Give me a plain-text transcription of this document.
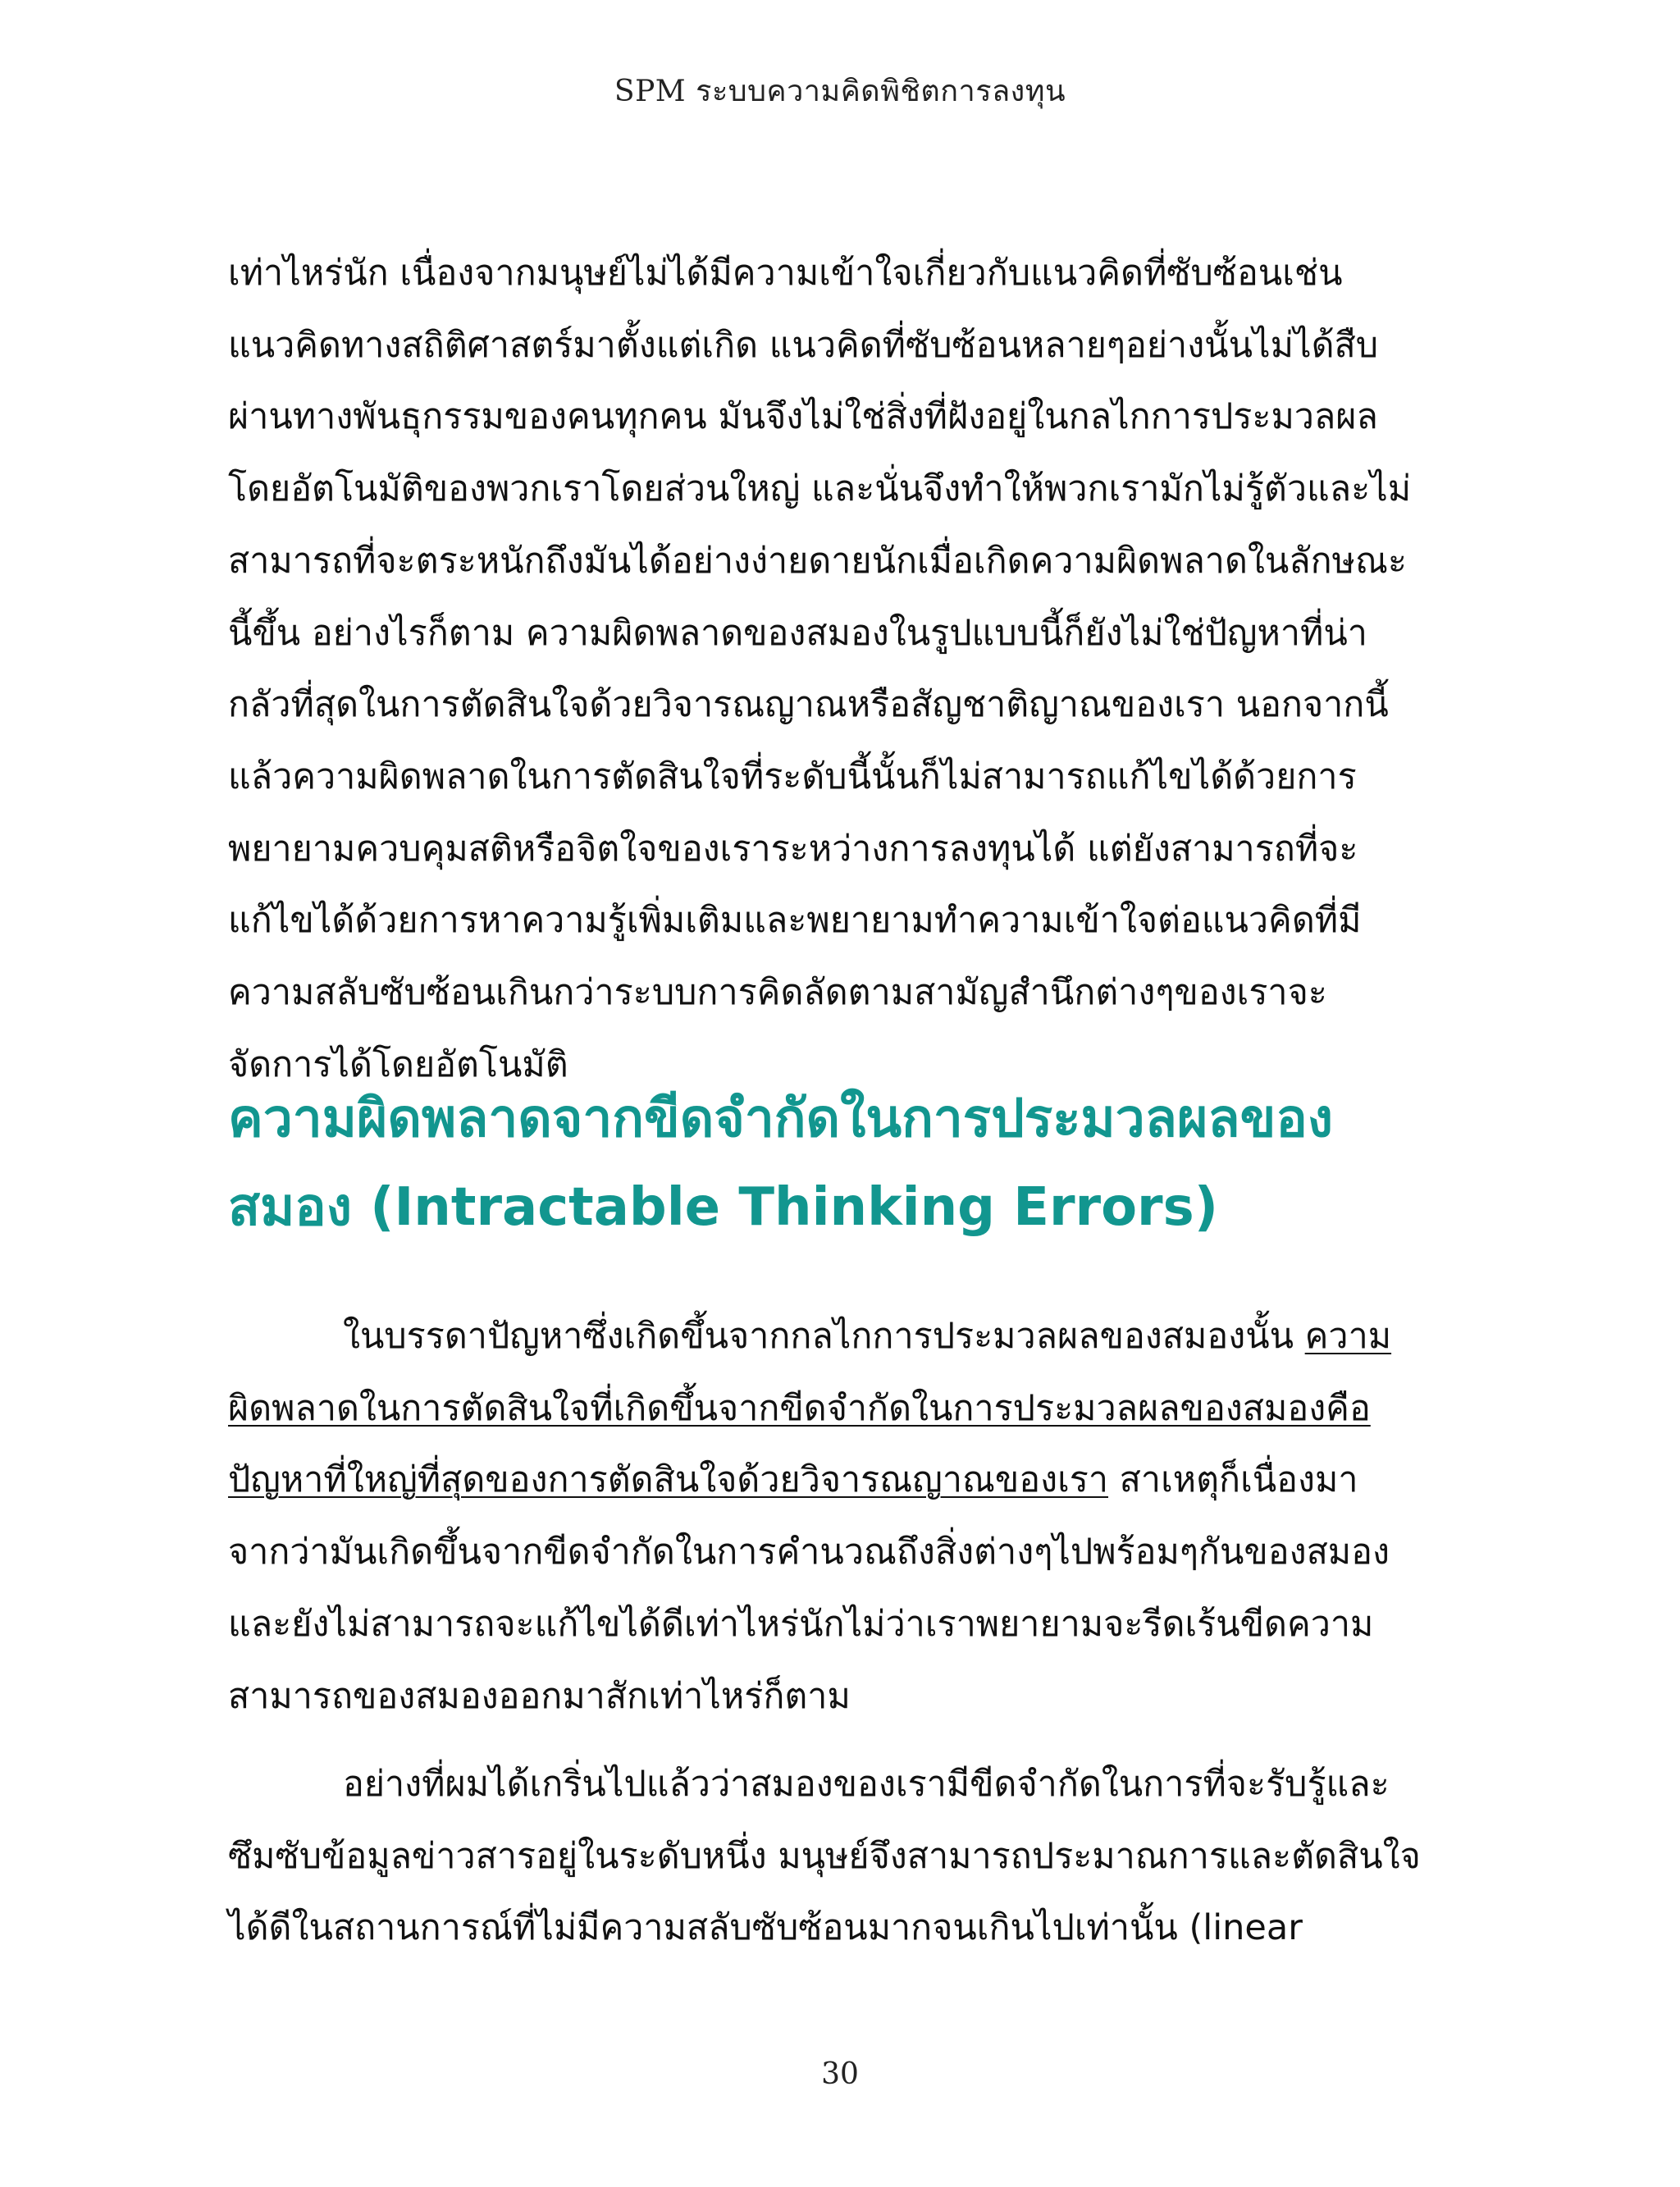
SPM ระบบความคิดพิชิตการลงทุน

เท่าไหร่นัก เนื่องจากมนุษย์ไม่ได้มีความเข้าใจเกี่ยวกับแนวคิดที่ซับซ้อนเช่น
แนวคิดทางสถิติศาสตร์มาตั้งแต่เกิด แนวคิดที่ซับซ้อนหลายๆอย่างนั้นไม่ได้สืบ
ผ่านทางพันธุกรรมของคนทุกคน มันจึงไม่ใช่สิ่งที่ฝังอยู่ในกลไกการประมวลผล
โดยอัตโนมัติของพวกเราโดยส่วนใหญ่ และนั่นจึงทำให้พวกเรามักไม่รู้ตัวและไม่
สามารถที่จะตระหนักถึงมันได้อย่างง่ายดายนักเมื่อเกิดความผิดพลาดในลักษณะ
นี้ขึ้น อย่างไรก็ตาม ความผิดพลาดของสมองในรูปแบบนี้ก็ยังไม่ใช่ปัญหาที่น่า
กลัวที่สุดในการตัดสินใจด้วยวิจารณญาณหรือสัญชาติญาณของเรา นอกจากนี้
แล้วความผิดพลาดในการตัดสินใจที่ระดับนี้นั้นก็ไม่สามารถแก้ไขได้ด้วยการ
พยายามควบคุมสติหรือจิตใจของเราระหว่างการลงทุนได้ แต่ยังสามารถที่จะ
แก้ไขได้ด้วยการหาความรู้เพิ่มเติมและพยายามทำความเข้าใจต่อแนวคิดที่มี
ความสลับซับซ้อนเกินกว่าระบบการคิดลัดตามสามัญสำนึกต่างๆของเราจะ
จัดการได้โดยอัตโนมัติ

ความผิดพลาดจากขีดจำกัดในการประมวลผลของ
สมอง (Intractable Thinking Errors)

ในบรรดาปัญหาซึ่งเกิดขึ้นจากกลไกการประมวลผลของสมองนั้น ความ
ผิดพลาดในการตัดสินใจที่เกิดขึ้นจากขีดจำกัดในการประมวลผลของสมองคือ
ปัญหาที่ใหญ่ที่สุดของการตัดสินใจด้วยวิจารณญาณของเรา สาเหตุก็เนื่องมา
จากว่ามันเกิดขึ้นจากขีดจำกัดในการคำนวณถึงสิ่งต่างๆไปพร้อมๆกันของสมอง
และยังไม่สามารถจะแก้ไขได้ดีเท่าไหร่นักไม่ว่าเราพยายามจะรีดเร้นขีดความ
สามารถของสมองออกมาสักเท่าไหร่ก็ตาม

อย่างที่ผมได้เกริ่นไปแล้วว่าสมองของเรามีขีดจำกัดในการที่จะรับรู้และ
ซึมซับข้อมูลข่าวสารอยู่ในระดับหนึ่ง มนุษย์จึงสามารถประมาณการและตัดสินใจ
ได้ดีในสถานการณ์ที่ไม่มีความสลับซับซ้อนมากจนเกินไปเท่านั้น (linear

30
